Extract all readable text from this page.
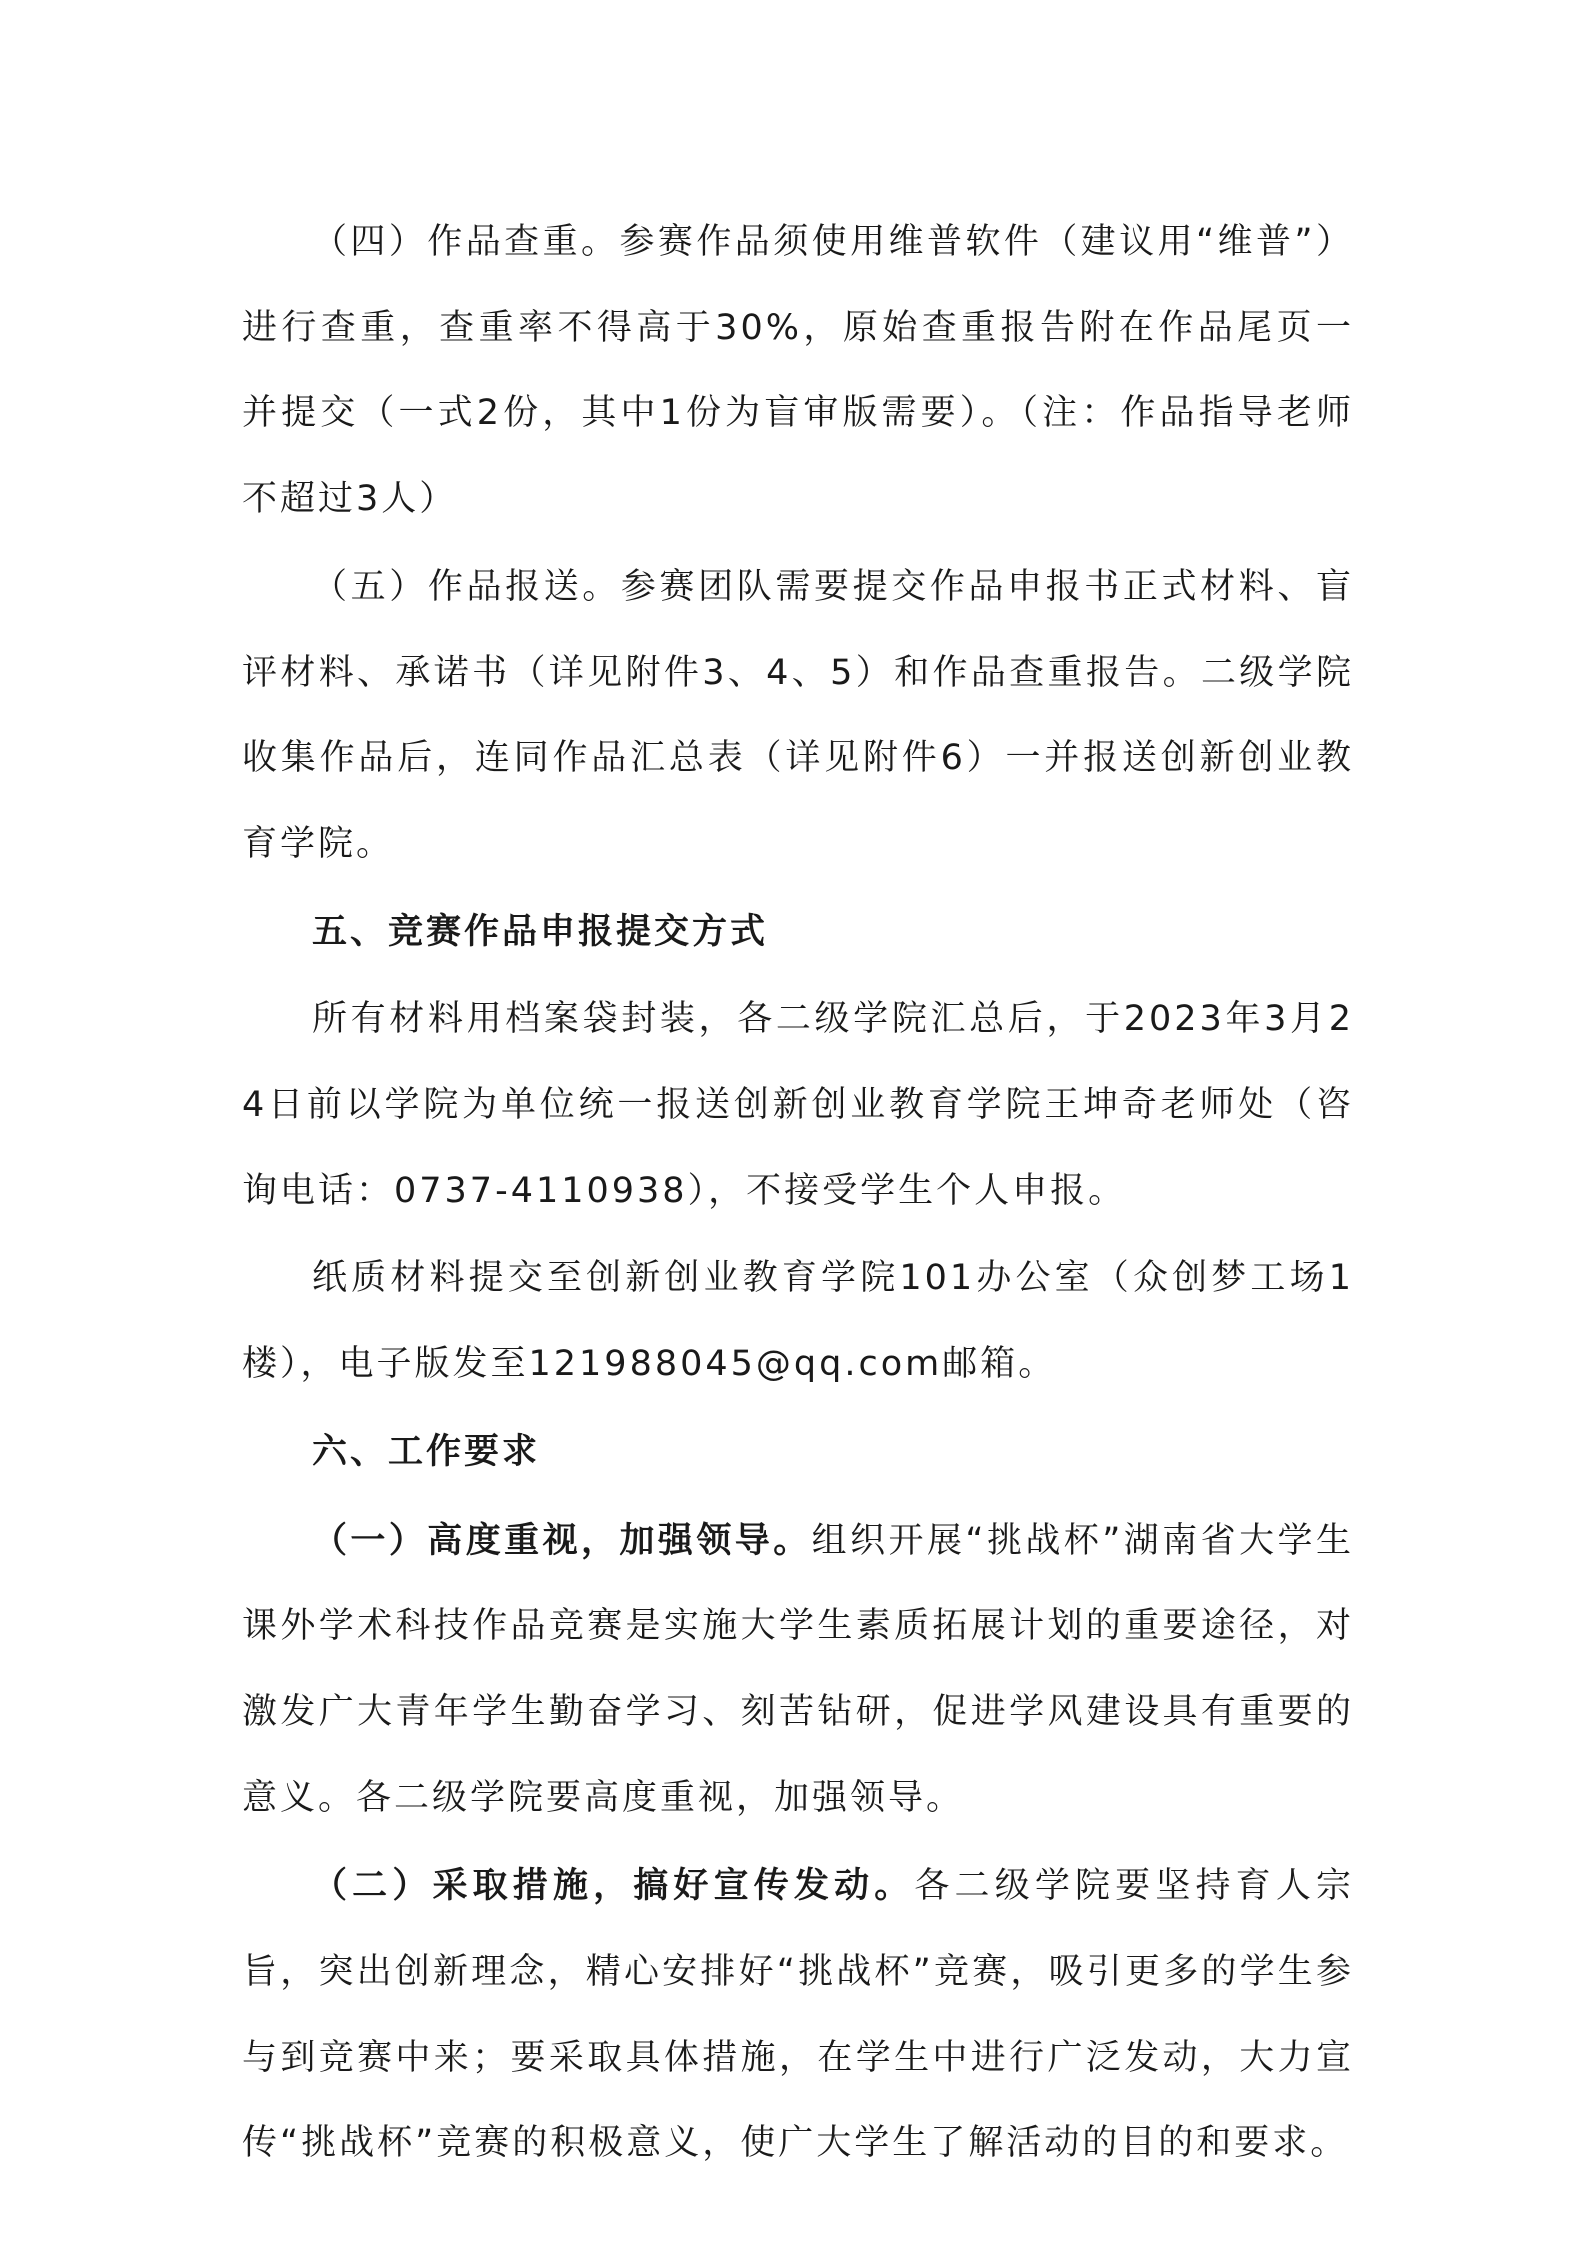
（四）作品查重。参赛作品须使用维普软件（建议用“维普”）进行查重，查重率不得高于30%，原始查重报告附在作品尾页一并提交（一式2份，其中1份为盲审版需要）。（注：作品指导老师不超过3人）

（五）作品报送。参赛团队需要提交作品申报书正式材料、盲评材料、承诺书（详见附件3、4、5）和作品查重报告。二级学院收集作品后，连同作品汇总表（详见附件6）一并报送创新创业教育学院。

五、竞赛作品申报提交方式

所有材料用档案袋封装，各二级学院汇总后，于2023年3月24日前以学院为单位统一报送创新创业教育学院王坤奇老师处（咨询电话：0737-4110938），不接受学生个人申报。

纸质材料提交至创新创业教育学院101办公室（众创梦工场1楼），电子版发至121988045@qq.com邮箱。

六、工作要求

（一）高度重视，加强领导。组织开展“挑战杯”湖南省大学生课外学术科技作品竞赛是实施大学生素质拓展计划的重要途径，对激发广大青年学生勤奋学习、刻苦钻研，促进学风建设具有重要的意义。各二级学院要高度重视，加强领导。

（二）采取措施，搞好宣传发动。各二级学院要坚持育人宗旨，突出创新理念，精心安排好“挑战杯”竞赛，吸引更多的学生参与到竞赛中来；要采取具体措施，在学生中进行广泛发动，大力宣传“挑战杯”竞赛的积极意义，使广大学生了解活动的目的和要求。
